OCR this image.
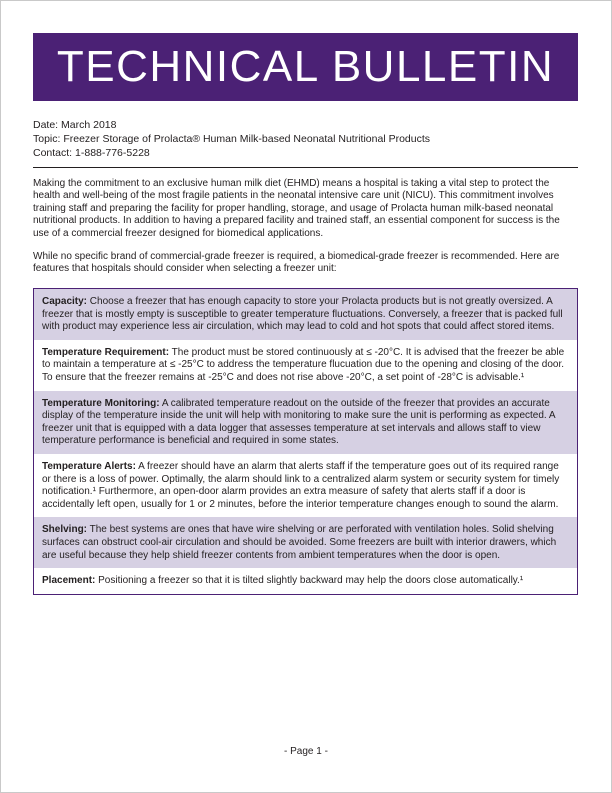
TECHNICAL BULLETIN
Date: March 2018
Topic: Freezer Storage of Prolacta® Human Milk-based Neonatal Nutritional Products
Contact: 1-888-776-5228

Making the commitment to an exclusive human milk diet (EHMD) means a hospital is taking a vital step to protect the health and well-being of the most fragile patients in the neonatal intensive care unit (NICU). This commitment involves training staff and preparing the facility for proper handling, storage, and usage of Prolacta human milk-based neonatal nutritional products. In addition to having a prepared facility and trained staff, an essential component for success is the use of a commercial freezer designed for biomedical applications.

While no specific brand of commercial-grade freezer is required, a biomedical-grade freezer is recommended. Here are features that hospitals should consider when selecting a freezer unit:

Capacity: Choose a freezer that has enough capacity to store your Prolacta products but is not greatly oversized. A freezer that is mostly empty is susceptible to greater temperature fluctuations. Conversely, a freezer that is packed full with product may experience less air circulation, which may lead to cold and hot spots that could affect stored items.
Temperature Requirement: The product must be stored continuously at ≤ -20°C. It is advised that the freezer be able to maintain a temperature at ≤ -25°C to address the temperature flucuation due to the opening and closing of the door. To ensure that the freezer remains at -25°C and does not rise above -20°C, a set point of -28°C is advisable.¹
Temperature Monitoring: A calibrated temperature readout on the outside of the freezer that provides an accurate display of the temperature inside the unit will help with monitoring to make sure the unit is performing as expected. A freezer unit that is equipped with a data logger that assesses temperature at set intervals and allows staff to view temperature performance is beneficial and required in some states.
Temperature Alerts: A freezer should have an alarm that alerts staff if the temperature goes out of its required range or there is a loss of power. Optimally, the alarm should link to a centralized alarm system or security system for timely notification.¹ Furthermore, an open-door alarm provides an extra measure of safety that alerts staff if a door is accidentally left open, usually for 1 or 2 minutes, before the interior temperature changes enough to sound the alarm.
Shelving: The best systems are ones that have wire shelving or are perforated with ventilation holes. Solid shelving surfaces can obstruct cool-air circulation and should be avoided. Some freezers are built with interior drawers, which are useful because they help shield freezer contents from ambient temperatures when the door is open.
Placement: Positioning a freezer so that it is tilted slightly backward may help the doors close automatically.¹
- Page 1 -
